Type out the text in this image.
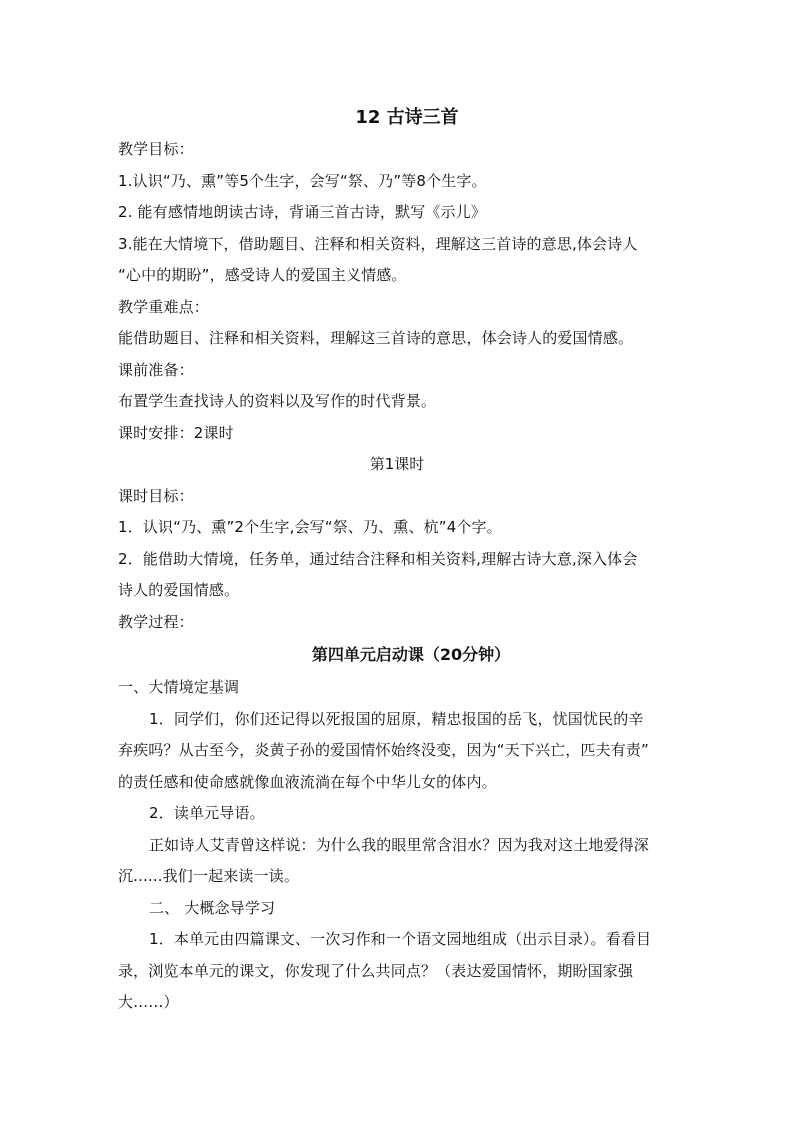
12 古诗三首
教学目标：
1.认识“乃、熏”等5个生字，会写“祭、乃”等8个生字。
2. 能有感情地朗读古诗，背诵三首古诗，默写《示儿》
3.能在大情境下，借助题目、注释和相关资料，理解这三首诗的意思,体会诗人
“心中的期盼”，感受诗人的爱国主义情感。
教学重难点：
能借助题目、注释和相关资料，理解这三首诗的意思，体会诗人的爱国情感。
课前准备：
布置学生查找诗人的资料以及写作的时代背景。
课时安排：2课时
第1课时
课时目标：
1．认识“乃、熏”2个生字,会写“祭、乃、熏、杭”4个字。
2．能借助大情境，任务单，通过结合注释和相关资料,理解古诗大意,深入体会
诗人的爱国情感。
教学过程：
第四单元启动课（20分钟）
一、大情境定基调
1．同学们，你们还记得以死报国的屈原，精忠报国的岳飞，忧国忧民的辛
弃疾吗？从古至今，炎黄子孙的爱国情怀始终没变，因为“天下兴亡，匹夫有责”
的责任感和使命感就像血液流淌在每个中华儿女的体内。
2．读单元导语。
正如诗人艾青曾这样说：为什么我的眼里常含泪水？因为我对这土地爱得深
沉......我们一起来读一读。
二、 大概念导学习
1．本单元由四篇课文、一次习作和一个语文园地组成（出示目录）。看看目
录，浏览本单元的课文，你发现了什么共同点？（表达爱国情怀，期盼国家强
大……）
